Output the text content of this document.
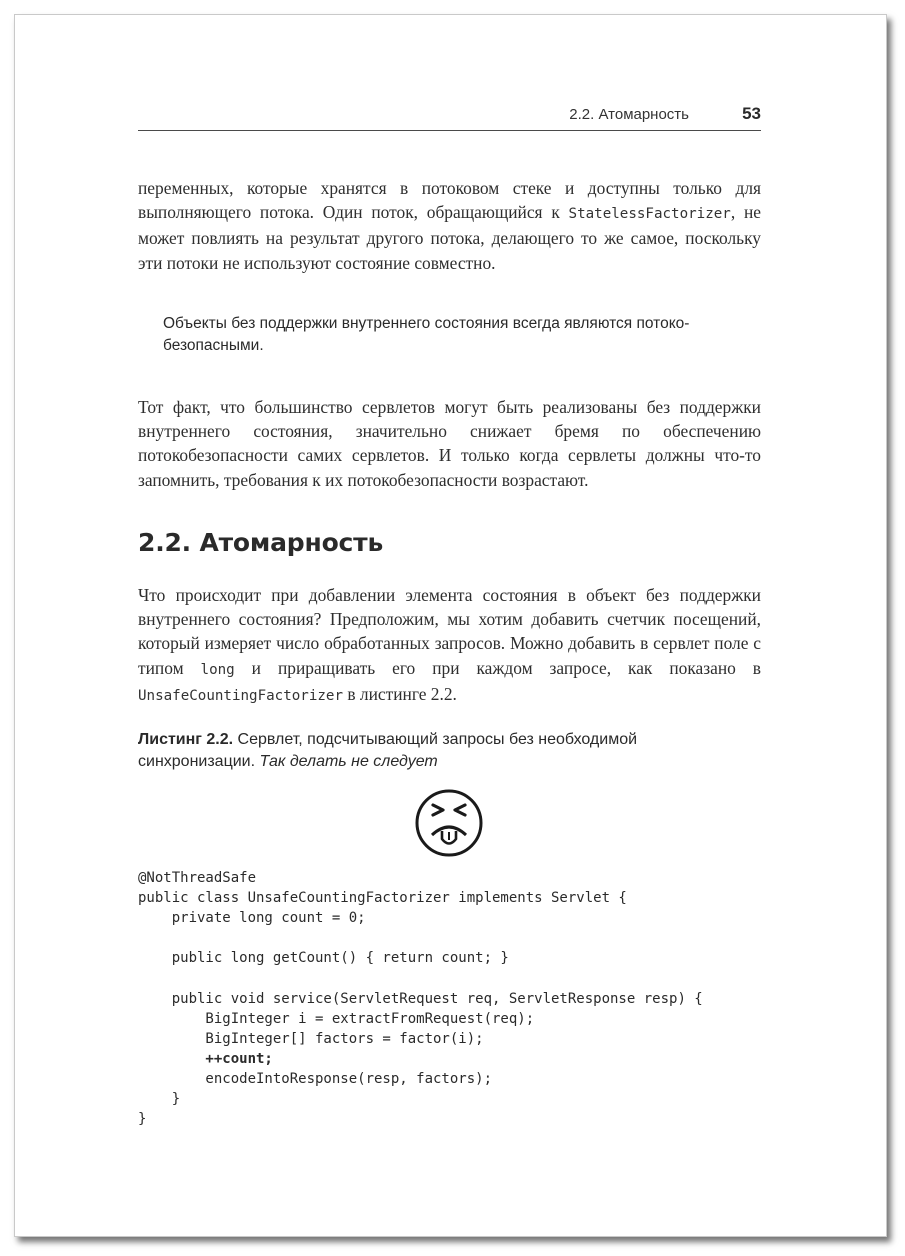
2.2. Атомарность	53
переменных, которые хранятся в потоковом стеке и доступны только для выполняющего потока. Один поток, обращающийся к StatelessFactorizer, не может повлиять на результат другого потока, делающего то же самое, поскольку эти потоки не используют состояние совместно.
Объекты без поддержки внутреннего состояния всегда являются потокобезопасными.
Тот факт, что большинство сервлетов могут быть реализованы без поддержки внутреннего состояния, значительно снижает бремя по обеспечению потокобезопасности самих сервлетов. И только когда сервлеты должны что-то запомнить, требования к их потокобезопасности возрастают.
2.2. Атомарность
Что происходит при добавлении элемента состояния в объект без поддержки внутреннего состояния? Предположим, мы хотим добавить счетчик посещений, который измеряет число обработанных запросов. Можно добавить в сервлет поле с типом long и приращивать его при каждом запросе, как показано в UnsafeCountingFactorizer в листинге 2.2.
Листинг 2.2. Сервлет, подсчитывающий запросы без необходимой синхронизации. Так делать не следует
@NotThreadSafe
public class UnsafeCountingFactorizer implements Servlet {
private long count = 0;

public long getCount() { return count; }

public void service(ServletRequest req, ServletResponse resp) {
BigInteger i = extractFromRequest(req);
BigInteger[] factors = factor(i);
++count;
encodeIntoResponse(resp, factors);
}
}
